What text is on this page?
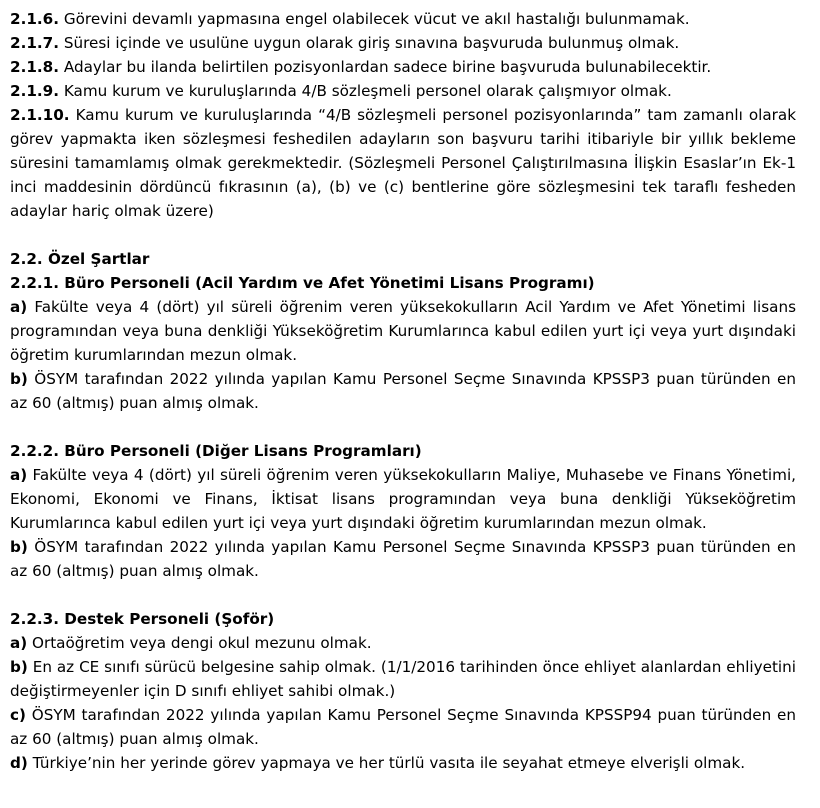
2.1.6. Görevini devamlı yapmasına engel olabilecek vücut ve akıl hastalığı bulunmamak.

2.1.7. Süresi içinde ve usulüne uygun olarak giriş sınavına başvuruda bulunmuş olmak.

2.1.8. Adaylar bu ilanda belirtilen pozisyonlardan sadece birine başvuruda bulunabilecektir.

2.1.9. Kamu kurum ve kuruluşlarında 4/B sözleşmeli personel olarak çalışmıyor olmak.

2.1.10. Kamu kurum ve kuruluşlarında “4/B sözleşmeli personel pozisyonlarında” tam zamanlı olarak görev yapmakta iken sözleşmesi feshedilen adayların son başvuru tarihi itibariyle bir yıllık bekleme süresini tamamlamış olmak gerekmektedir. (Sözleşmeli Personel Çalıştırılmasına İlişkin Esaslar’ın Ek-1 inci maddesinin dördüncü fıkrasının (a), (b) ve (c) bentlerine göre sözleşmesini tek taraflı fesheden adaylar hariç olmak üzere)

2.2. Özel Şartlar

2.2.1. Büro Personeli (Acil Yardım ve Afet Yönetimi Lisans Programı)

a) Fakülte veya 4 (dört) yıl süreli öğrenim veren yüksekokulların Acil Yardım ve Afet Yönetimi lisans programından veya buna denkliği Yükseköğretim Kurumlarınca kabul edilen yurt içi veya yurt dışındaki öğretim kurumlarından mezun olmak.

b) ÖSYM tarafından 2022 yılında yapılan Kamu Personel Seçme Sınavında KPSSP3 puan türünden en az 60 (altmış) puan almış olmak.

2.2.2. Büro Personeli (Diğer Lisans Programları)

a) Fakülte veya 4 (dört) yıl süreli öğrenim veren yüksekokulların Maliye, Muhasebe ve Finans Yönetimi, Ekonomi, Ekonomi ve Finans, İktisat lisans programından veya buna denkliği Yükseköğretim Kurumlarınca kabul edilen yurt içi veya yurt dışındaki öğretim kurumlarından mezun olmak.

b) ÖSYM tarafından 2022 yılında yapılan Kamu Personel Seçme Sınavında KPSSP3 puan türünden en az 60 (altmış) puan almış olmak.

2.2.3. Destek Personeli (Şoför)

a) Ortaöğretim veya dengi okul mezunu olmak.

b) En az CE sınıfı sürücü belgesine sahip olmak. (1/1/2016 tarihinden önce ehliyet alanlardan ehliyetini değiştirmeyenler için D sınıfı ehliyet sahibi olmak.)

c) ÖSYM tarafından 2022 yılında yapılan Kamu Personel Seçme Sınavında KPSSP94 puan türünden en az 60 (altmış) puan almış olmak.

d) Türkiye’nin her yerinde görev yapmaya ve her türlü vasıta ile seyahat etmeye elverişli olmak.
